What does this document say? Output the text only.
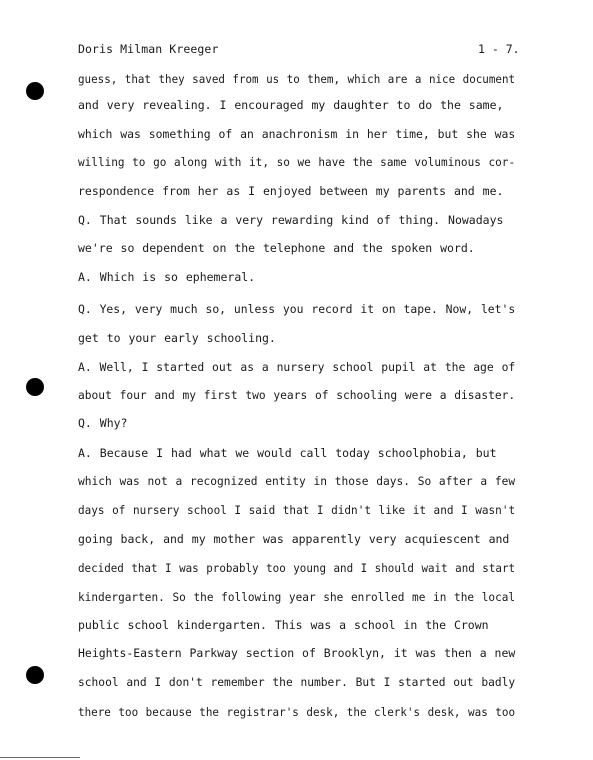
Doris Milman Kreeger	1 - 7.
guess, that they saved from us to them, which are a nice document
and very revealing. I encouraged my daughter to do the same,
which was something of an anachronism in her time, but she was
willing to go along with it, so we have the same voluminous cor-
respondence from her as I enjoyed between my parents and me.
Q. That sounds like a very rewarding kind of thing. Nowadays
we're so dependent on the telephone and the spoken word.
A. Which is so ephemeral.
Q. Yes, very much so, unless you record it on tape. Now, let's
get to your early schooling.
A. Well, I started out as a nursery school pupil at the age of
about four and my first two years of schooling were a disaster.
Q. Why?
A. Because I had what we would call today schoolphobia, but
which was not a recognized entity in those days. So after a few
days of nursery school I said that I didn't like it and I wasn't
going back, and my mother was apparently very acquiescent and
decided that I was probably too young and I should wait and start
kindergarten. So the following year she enrolled me in the local
public school kindergarten. This was a school in the Crown
Heights-Eastern Parkway section of Brooklyn, it was then a new
school and I don't remember the number. But I started out badly
there too because the registrar's desk, the clerk's desk, was too
